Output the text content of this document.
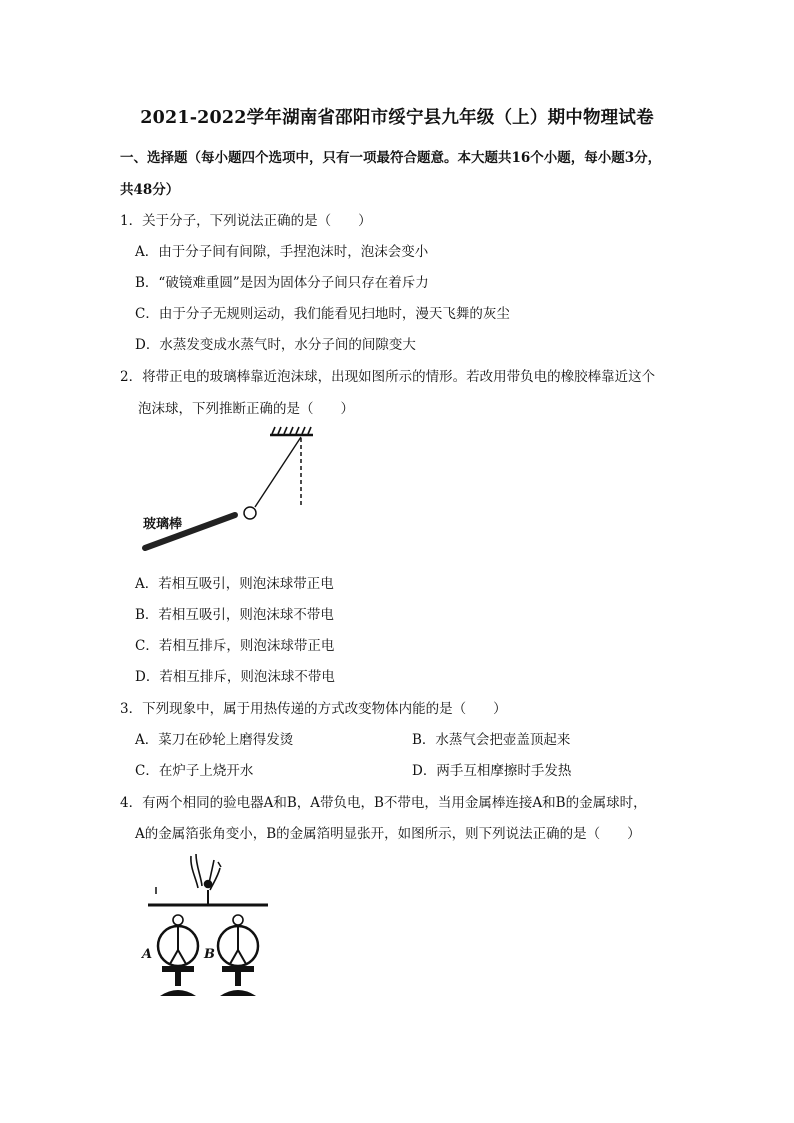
2021-2022学年湖南省邵阳市绥宁县九年级（上）期中物理试卷
一、选择题（每小题四个选项中，只有一项最符合题意。本大题共16个小题，每小题3分，
共48分）
1．关于分子，下列说法正确的是（　　）
A．由于分子间有间隙，手捏泡沫时，泡沫会变小
B．“破镜难重圆”是因为固体分子间只存在着斥力
C．由于分子无规则运动，我们能看见扫地时，漫天飞舞的灰尘
D．水蒸发变成水蒸气时，水分子间的间隙变大
2．将带正电的玻璃棒靠近泡沫球，出现如图所示的情形。若改用带负电的橡胶棒靠近这个
泡沫球，下列推断正确的是（　　）
玻璃棒
A．若相互吸引，则泡沫球带正电
B．若相互吸引，则泡沫球不带电
C．若相互排斥，则泡沫球带正电
D．若相互排斥，则泡沫球不带电
3．下列现象中，属于用热传递的方式改变物体内能的是（　　）
A．菜刀在砂轮上磨得发烫	B．水蒸气会把壶盖顶起来
C．在炉子上烧开水	D．两手互相摩擦时手发热
4．有两个相同的验电器A和B，A带负电，B不带电，当用金属棒连接A和B的金属球时，
A的金属箔张角变小，B的金属箔明显张开，如图所示，则下列说法正确的是（　　）
A	B
